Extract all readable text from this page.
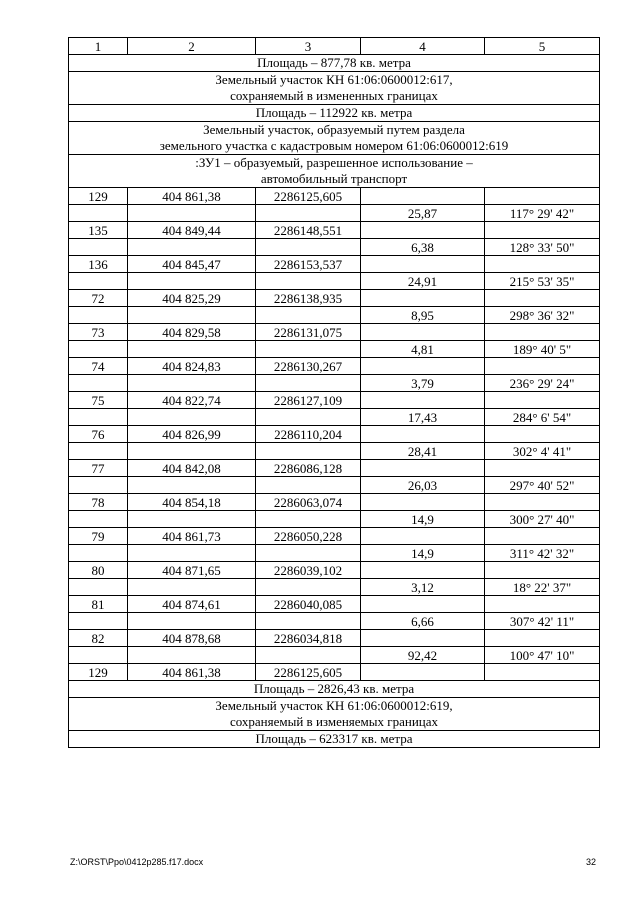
1	2	3	4	5

Площадь – 877,78 кв. метра				

Земельный участок КН 61:06:0600012:617,
сохраняемый в измененных границах				

Площадь – 112922 кв. метра				

Земельный участок, образуемый путем раздела
земельного участка с кадастровым номером 61:06:0600012:619				

:ЗУ1 – образуемый, разрешенное использование –
автомобильный транспорт				

129	404 861,38	2286125,605		
			25,87	117° 29' 42"
135	404 849,44	2286148,551		
			6,38	128° 33' 50"
136	404 845,47	2286153,537		
			24,91	215° 53' 35"
72	404 825,29	2286138,935		
			8,95	298° 36' 32"
73	404 829,58	2286131,075		
			4,81	189° 40' 5"
74	404 824,83	2286130,267		
			3,79	236° 29' 24"
75	404 822,74	2286127,109		
			17,43	284° 6' 54"
76	404 826,99	2286110,204		
			28,41	302° 4' 41"
77	404 842,08	2286086,128		
			26,03	297° 40' 52"
78	404 854,18	2286063,074		
			14,9	300° 27' 40"
79	404 861,73	2286050,228		
			14,9	311° 42' 32"
80	404 871,65	2286039,102		
			3,12	18° 22' 37"
81	404 874,61	2286040,085		
			6,66	307° 42' 11"
82	404 878,68	2286034,818		
			92,42	100° 47' 10"
129	404 861,38	2286125,605		

Площадь – 2826,43 кв. метра				

Земельный участок КН 61:06:0600012:619,
сохраняемый в изменяемых границах				

Площадь – 623317 кв. метра				
Z:\ORST\Ppo\0412p285.f17.docx	32
